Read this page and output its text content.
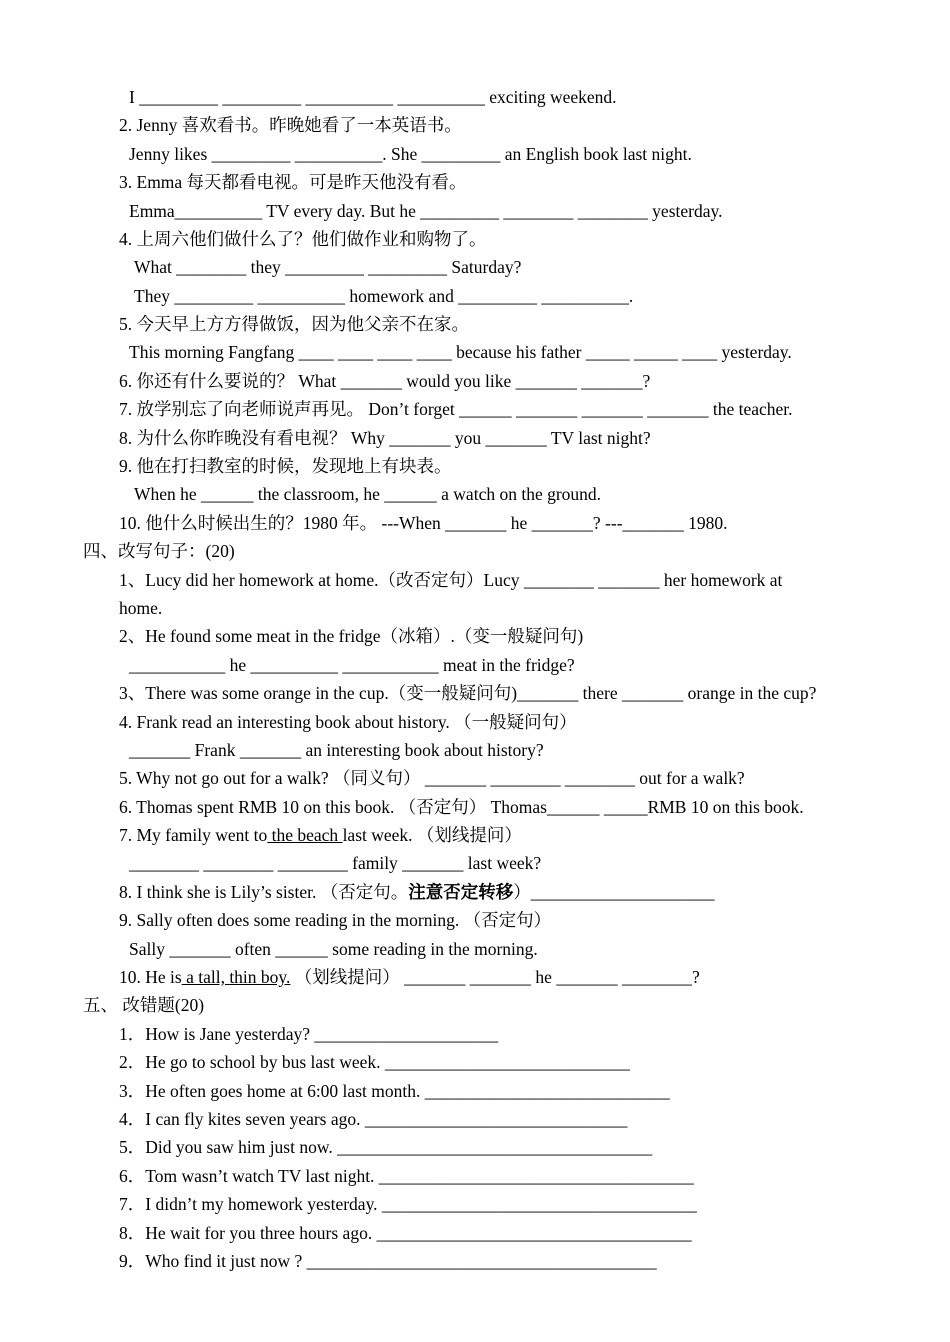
I _________ _________ __________ __________ exciting weekend.
2. Jenny 喜欢看书。昨晚她看了一本英语书。
Jenny likes _________ __________. She _________ an English book last night.
3. Emma 每天都看电视。可是昨天他没有看。
Emma__________ TV every day. But he _________ ________ ________ yesterday.
4. 上周六他们做什么了？他们做作业和购物了。
What ________ they _________ _________ Saturday?
They _________ __________ homework and _________ __________.
5. 今天早上方方得做饭，因为他父亲不在家。
This morning Fangfang ____ ____ ____ ____ because his father _____ _____ ____ yesterday.
6. 你还有什么要说的？ What _______ would you like _______ _______?
7. 放学别忘了向老师说声再见。 Don’t forget ______ _______ _______ _______ the teacher.
8. 为什么你昨晚没有看电视？ Why _______ you _______ TV last night?
9. 他在打扫教室的时候，发现地上有块表。
When he ______ the classroom, he ______ a watch on the ground.
10. 他什么时候出生的？1980 年。 ---When _______ he _______? ---_______ 1980.
四、改写句子：(20)
1、Lucy did her homework at home.（改否定句）Lucy ________ _______ her homework at
home.
2、He found some meat in the fridge（冰箱）.（变一般疑问句)
___________ he __________ ___________ meat in the fridge?
3、There was some orange in the cup.（变一般疑问句)_______ there _______ orange in the cup?
4. Frank read an interesting book about history. （一般疑问句）
_______ Frank _______ an interesting book about history?
5. Why not go out for a walk? （同义句） _______ ________ ________ out for a walk?
6. Thomas spent RMB 10 on this book. （否定句） Thomas______ _____RMB 10 on this book.
7. My family went to the beach last week. （划线提问）
________ ________ ________ family _______ last week?
8. I think she is Lily’s sister. （否定句。注意否定转移）_____________________
9. Sally often does some reading in the morning. （否定句）
Sally _______ often ______ some reading in the morning.
10. He is a tall, thin boy. （划线提问） _______ _______ he _______ ________?
五、 改错题(20)
1．How is Jane yesterday? _____________________
2．He go to school by bus last week. ____________________________
3．He often goes home at 6:00 last month. ____________________________
4．I can fly kites seven years ago. ______________________________
5．Did you saw him just now. ____________________________________
6．Tom wasn’t watch TV last night. ____________________________________
7．I didn’t my homework yesterday. ____________________________________
8．He wait for you three hours ago. ____________________________________
9．Who find it just now ? ________________________________________
